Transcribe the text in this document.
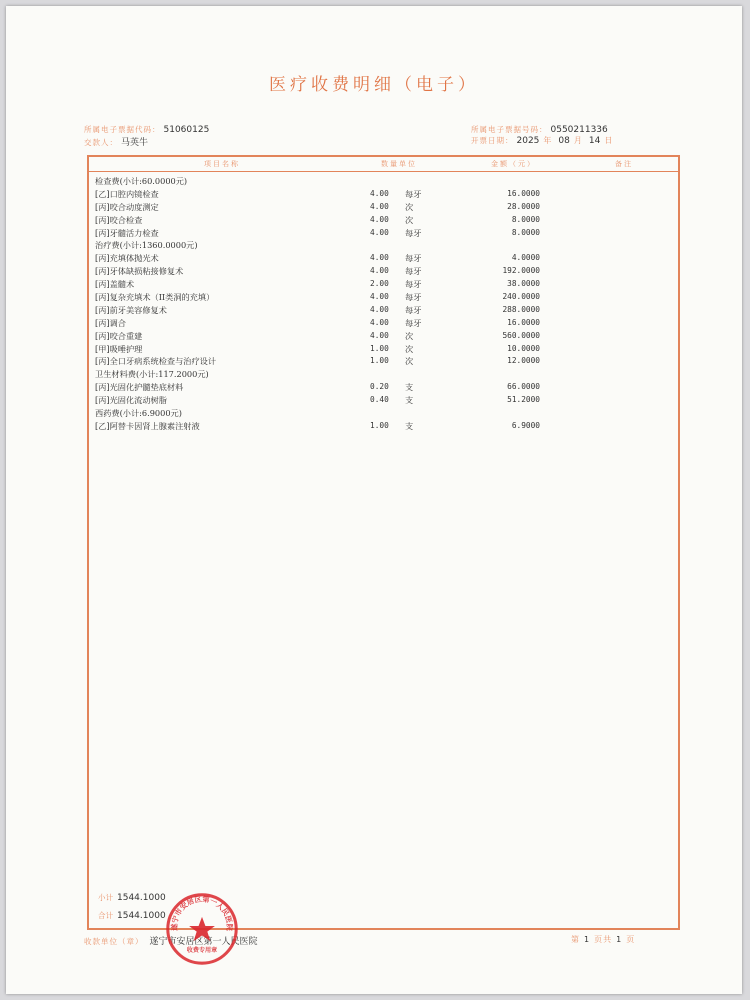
医疗收费明细（电子）
所属电子票据代码： 51060125
交款人： 马英牛
所属电子票据号码： 0550211336
开票日期： 2025 年 08 月 14 日
项目名称	数量单位	金额（元）	备注
检查费(小计:60.0000元)
[乙]口腔内镜检查	4.00 每牙	16.0000
[丙]咬合动度测定	4.00 次	28.0000
[丙]咬合检查	4.00 次	8.0000
[丙]牙髓活力检查	4.00 每牙	8.0000
治疗费(小计:1360.0000元)
[丙]充填体抛光术	4.00 每牙	4.0000
[丙]牙体缺损粘接修复术	4.00 每牙	192.0000
[丙]盖髓术	2.00 每牙	38.0000
[丙]复杂充填术（II类洞的充填）	4.00 每牙	240.0000
[丙]前牙美容修复术	4.00 每牙	288.0000
[丙]调合	4.00 每牙	16.0000
[丙]咬合重建	4.00 次	560.0000
[甲]吸唾护理	1.00 次	10.0000
[丙]全口牙病系统检查与治疗设计	1.00 次	12.0000
卫生材料费(小计:117.2000元)
[丙]光固化护髓垫底材料	0.20 支	66.0000
[丙]光固化流动树脂	0.40 支	51.2000
西药费(小计:6.9000元)
[乙]阿替卡因肾上腺素注射液	1.00 支	6.9000
小计 1544.1000
合计 1544.1000
收款单位（章） 遂宁市安居区第一人民医院	第 1 页共 1 页
遂宁市安居区第一人民医院
收费专用章
